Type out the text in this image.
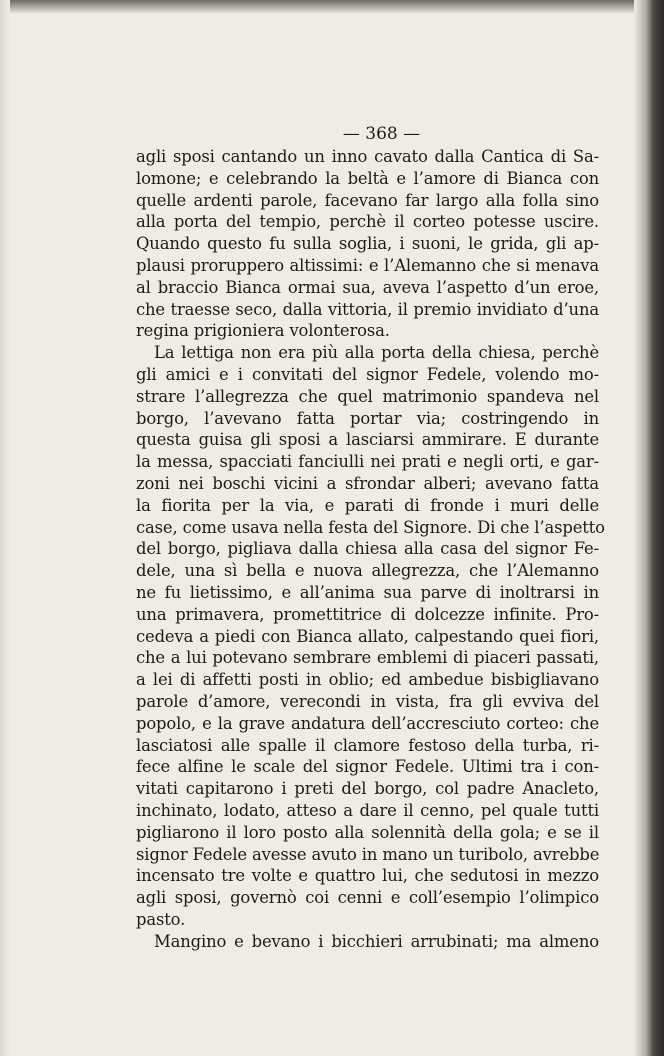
— 368 —
agli sposi cantando un inno cavato dalla Cantica di Sa-
lomone; e celebrando la beltà e l’amore di Bianca con
quelle ardenti parole, facevano far largo alla folla sino
alla porta del tempio, perchè il corteo potesse uscire.
Quando questo fu sulla soglia, i suoni, le grida, gli ap-
plausi proruppero altissimi: e l’Alemanno che si menava
al braccio Bianca ormai sua, aveva l’aspetto d’un eroe,
che traesse seco, dalla vittoria, il premio invidiato d’una
regina prigioniera volonterosa.
La lettiga non era più alla porta della chiesa, perchè
gli amici e i convitati del signor Fedele, volendo mo-
strare l’allegrezza che quel matrimonio spandeva nel
borgo, l’avevano fatta portar via; costringendo in
questa guisa gli sposi a lasciarsi ammirare. E durante
la messa, spacciati fanciulli nei prati e negli orti, e gar-
zoni nei boschi vicini a sfrondar alberi; avevano fatta
la fiorita per la via, e parati di fronde i muri delle
case, come usava nella festa del Signore. Di che l’aspetto
del borgo, pigliava dalla chiesa alla casa del signor Fe-
dele, una sì bella e nuova allegrezza, che l’Alemanno
ne fu lietissimo, e all’anima sua parve di inoltrarsi in
una primavera, promettitrice di dolcezze infinite. Pro-
cedeva a piedi con Bianca allato, calpestando quei fiori,
che a lui potevano sembrare emblemi di piaceri passati,
a lei di affetti posti in oblio; ed ambedue bisbigliavano
parole d’amore, verecondi in vista, fra gli evviva del
popolo, e la grave andatura dell’accresciuto corteo: che
lasciatosi alle spalle il clamore festoso della turba, ri-
fece alfine le scale del signor Fedele. Ultimi tra i con-
vitati capitarono i preti del borgo, col padre Anacleto,
inchinato, lodato, atteso a dare il cenno, pel quale tutti
pigliarono il loro posto alla solennità della gola; e se il
signor Fedele avesse avuto in mano un turibolo, avrebbe
incensato tre volte e quattro lui, che sedutosi in mezzo
agli sposi, governò coi cenni e coll’esempio l’olimpico
pasto.
Mangino e bevano i bicchieri arrubinati; ma almeno
